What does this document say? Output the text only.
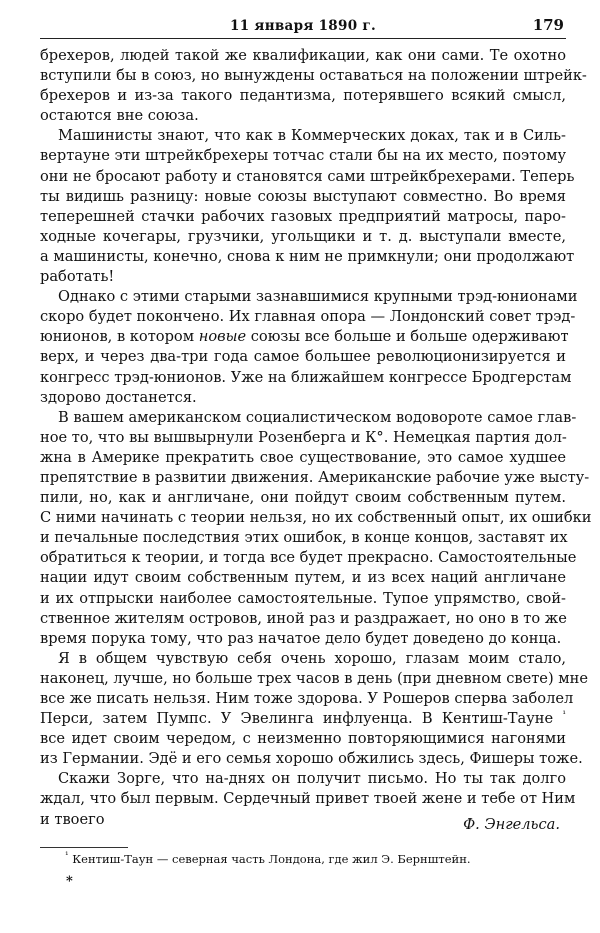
11 января 1890 г.	179
брехеров, людей такой же квалификации, как они сами. Те охотно
вступили бы в союз, но вынуждены оставаться на положении штрейк-
брехеров и из-за такого педантизма, потерявшего всякий смысл,
остаются вне союза.
Машинисты знают, что как в Коммерческих доках, так и в Силь-
вертауне эти штрейкбрехеры тотчас стали бы на их место, поэтому
они не бросают работу и становятся сами штрейкбрехерами. Теперь
ты видишь разницу: новые союзы выступают совместно. Во время
теперешней стачки рабочих газовых предприятий матросы, паро-
ходные кочегары, грузчики, угольщики и т. д. выступали вместе,
а машинисты, конечно, снова к ним не примкнули; они продолжают
работать!
Однако с этими старыми зазнавшимися крупными трэд-юнионами
скоро будет покончено. Их главная опора — Лондонский совет трэд-
юнионов, в котором новые союзы все больше и больше одерживают
верх, и через два-три года самое большее революционизируется и
конгресс трэд-юнионов. Уже на ближайшем конгрессе Бродгерстам
здорово достанется.
В вашем американском социалистическом водовороте самое глав-
ное то, что вы вышвырнули Розенберга и К°. Немецкая партия дол-
жна в Америке прекратить свое существование, это самое худшее
препятствие в развитии движения. Американские рабочие уже высту-
пили, но, как и англичане, они пойдут своим собственным путем.
С ними начинать с теории нельзя, но их собственный опыт, их ошибки
и печальные последствия этих ошибок, в конце концов, заставят их
обратиться к теории, и тогда все будет прекрасно. Самостоятельные
нации идут своим собственным путем, и из всех наций англичане
и их отпрыски наиболее самостоятельные. Тупое упрямство, свой-
ственное жителям островов, иной раз и раздражает, но оно в то же
время порука тому, что раз начатое дело будет доведено до конца.
Я в общем чувствую себя очень хорошо, глазам моим стало,
наконец, лучше, но больше трех часов в день (при дневном свете) мне
все же писать нельзя. Ним тоже здорова. У Рошеров сперва заболел
Перси, затем Пумпс. У Эвелинга инфлуенца. В Кентиш-Тауне $^{^1}$
все идет своим чередом, с неизменно повторяющимися нагонями
из Германии. Эдё и его семья хорошо обжились здесь, Фишеры тоже.
Скажи Зорге, что на-днях он получит письмо. Но ты так долго
ждал, что был первым. Сердечный привет твоей жене и тебе от Ним
и твоего	Ф. Энгельса.
$^{^1}$ Кентиш-Таун — северная часть Лондона, где жил Э. Бернштейн.
*
